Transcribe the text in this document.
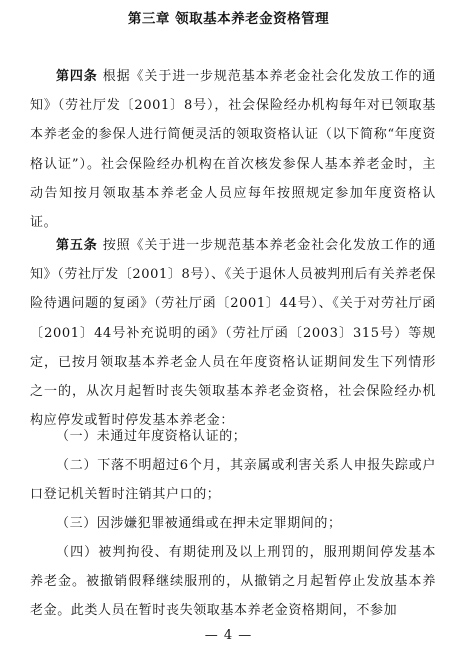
第三章 领取基本养老金资格管理
第四条 根据《关于进一步规范基本养老金社会化发放工作的通知》（劳社厅发〔2001〕8号），社会保险经办机构每年对已领取基本养老金的参保人进行简便灵活的领取资格认证（以下简称“年度资格认证”）。社会保险经办机构在首次核发参保人基本养老金时，主动告知按月领取基本养老金人员应每年按照规定参加年度资格认证。
第五条 按照《关于进一步规范基本养老金社会化发放工作的通知》（劳社厅发〔2001〕8号）、《关于退休人员被判刑后有关养老保险待遇问题的复函》（劳社厅函〔2001〕44号）、《关于对劳社厅函〔2001〕44号补充说明的函》（劳社厅函〔2003〕315号）等规定，已按月领取基本养老金人员在年度资格认证期间发生下列情形之一的，从次月起暂时丧失领取基本养老金资格，社会保险经办机构应停发或暂时停发基本养老金：
（一）未通过年度资格认证的；
（二）下落不明超过6个月，其亲属或利害关系人申报失踪或户口登记机关暂时注销其户口的；
（三）因涉嫌犯罪被通缉或在押未定罪期间的；
（四）被判拘役、有期徒刑及以上刑罚的，服刑期间停发基本养老金。被撤销假释继续服刑的，从撤销之月起暂停止发放基本养老金。此类人员在暂时丧失领取基本养老金资格期间，不参加
— 4 —
